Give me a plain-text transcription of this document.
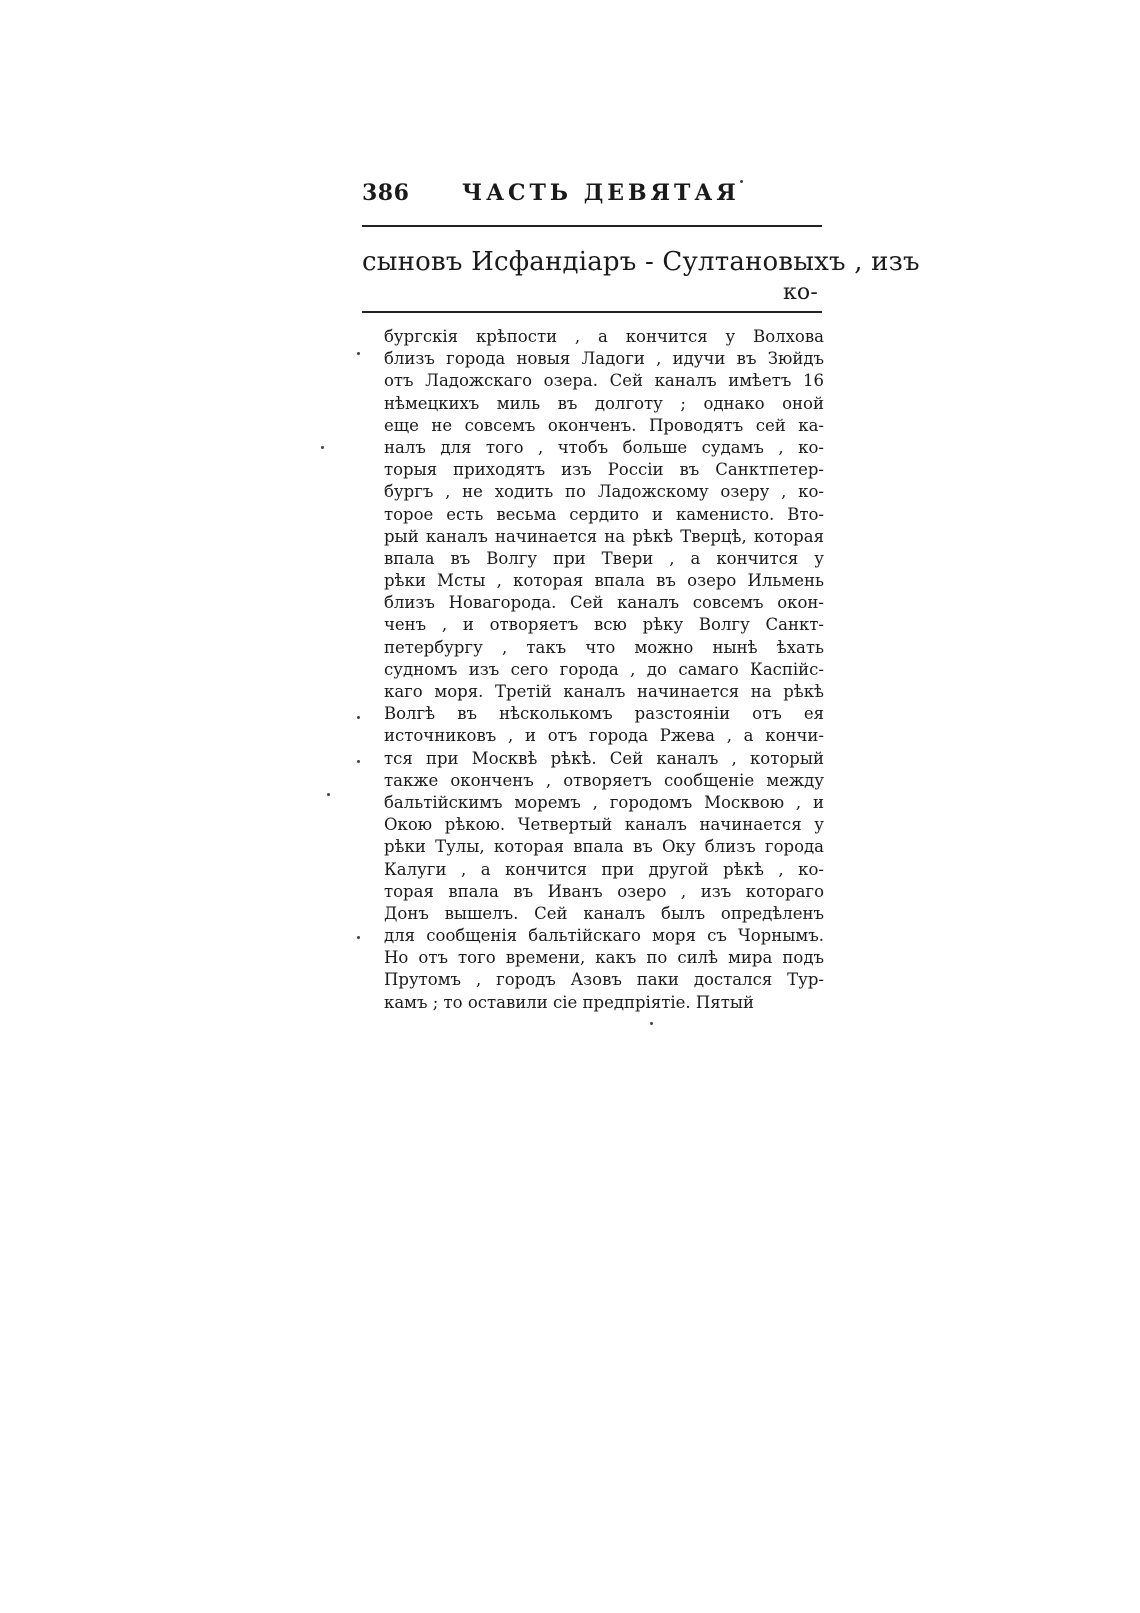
386 ЧАСТЬ ДЕВЯТАЯ
сыновъ Исфандіаръ - Султановыхъ , изъ
ко-
бургскія крѣпости , а кончится у Волхова
близъ города новыя Ладоги , идучи въ Зюйдъ
отъ Ладожскаго озера. Сей каналъ имѣетъ 16
нѣмецкихъ миль въ долготу ; однако оной
еще не совсемъ оконченъ. Проводятъ сей ка-
налъ для того , чтобъ больше судамъ , ко-
торыя приходятъ изъ Россіи въ Санктпетер-
бургъ , не ходить по Ладожскому озеру , ко-
торое есть весьма сердито и каменисто. Вто-
рый каналъ начинается на рѣкѣ Тверцѣ, которая
впала въ Волгу при Твери , а кончится у
рѣки Мсты , которая впала въ озеро Ильмень
близъ Новагорода. Сей каналъ совсемъ окон-
ченъ , и отворяетъ всю рѣку Волгу Санкт-
петербургу , такъ что можно нынѣ ѣхать
судномъ изъ сего города , до самаго Каспійс-
каго моря. Третій каналъ начинается на рѣкѣ
Волгѣ въ нѣсколькомъ разстояніи отъ ея
источниковъ , и отъ города Ржева , а кончи-
тся при Москвѣ рѣкѣ. Сей каналъ , который
также оконченъ , отворяетъ сообщеніе между
бальтійскимъ моремъ , городомъ Москвою , и
Окою рѣкою. Четвертый каналъ начинается у
рѣки Тулы, которая впала въ Оку близъ города
Калуги , а кончится при другой рѣкѣ , ко-
торая впала въ Иванъ озеро , изъ котораго
Донъ вышелъ. Сей каналъ былъ опредѣленъ
для сообщенія бальтійскаго моря съ Чорнымъ.
Но отъ того времени, какъ по силѣ мира подъ
Прутомъ , городъ Азовъ паки достался Тур-
камъ ; то оставили сіе предпріятіе. Пятый
